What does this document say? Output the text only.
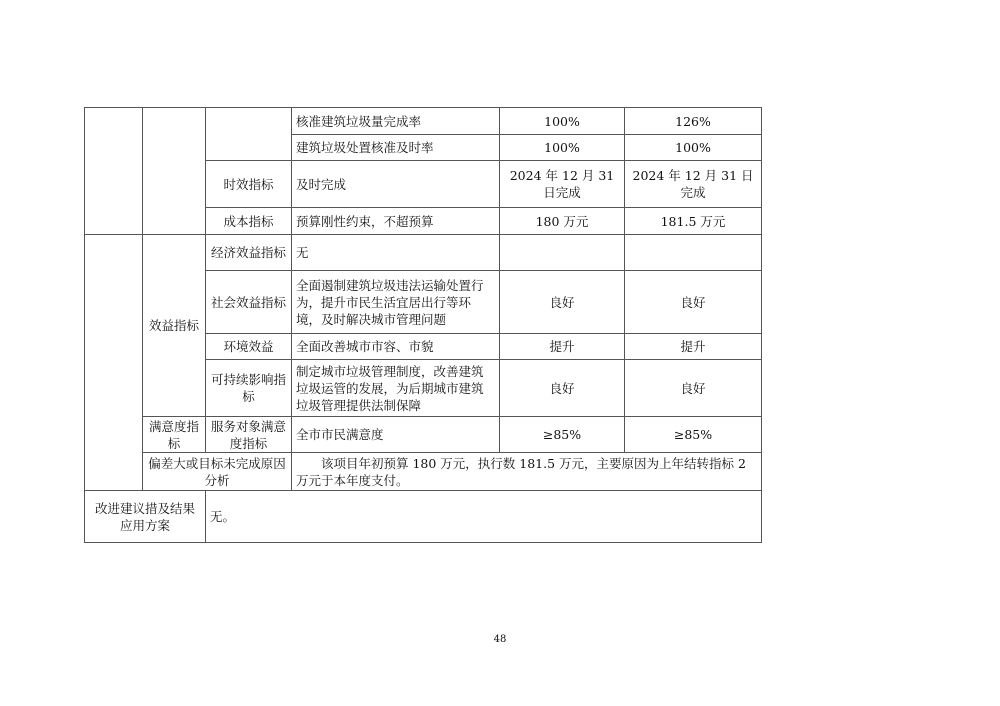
			核准建筑垃圾量完成率	100%	126%
			建筑垃圾处置核准及时率	100%	100%
		时效指标	及时完成	2024 年 12 月 31 日完成	2024 年 12 月 31 日完成
		成本指标	预算刚性约束，不超预算	180 万元	181.5 万元
	效益指标	经济效益指标	无		
		社会效益指标	全面遏制建筑垃圾违法运输处置行为，提升市民生活宜居出行等环境，及时解决城市管理问题	良好	良好
		环境效益	全面改善城市市容、市貌	提升	提升
		可持续影响指标	制定城市垃圾管理制度，改善建筑垃圾运管的发展，为后期城市建筑垃圾管理提供法制保障	良好	良好
	满意度指标	服务对象满意度指标	全市市民满意度	≥85%	≥85%
	偏差大或目标未完成原因分析		该项目年初预算 180 万元，执行数 181.5 万元，主要原因为上年结转指标 2 万元于本年度支付。		
改进建议措及结果应用方案		无。			
48
